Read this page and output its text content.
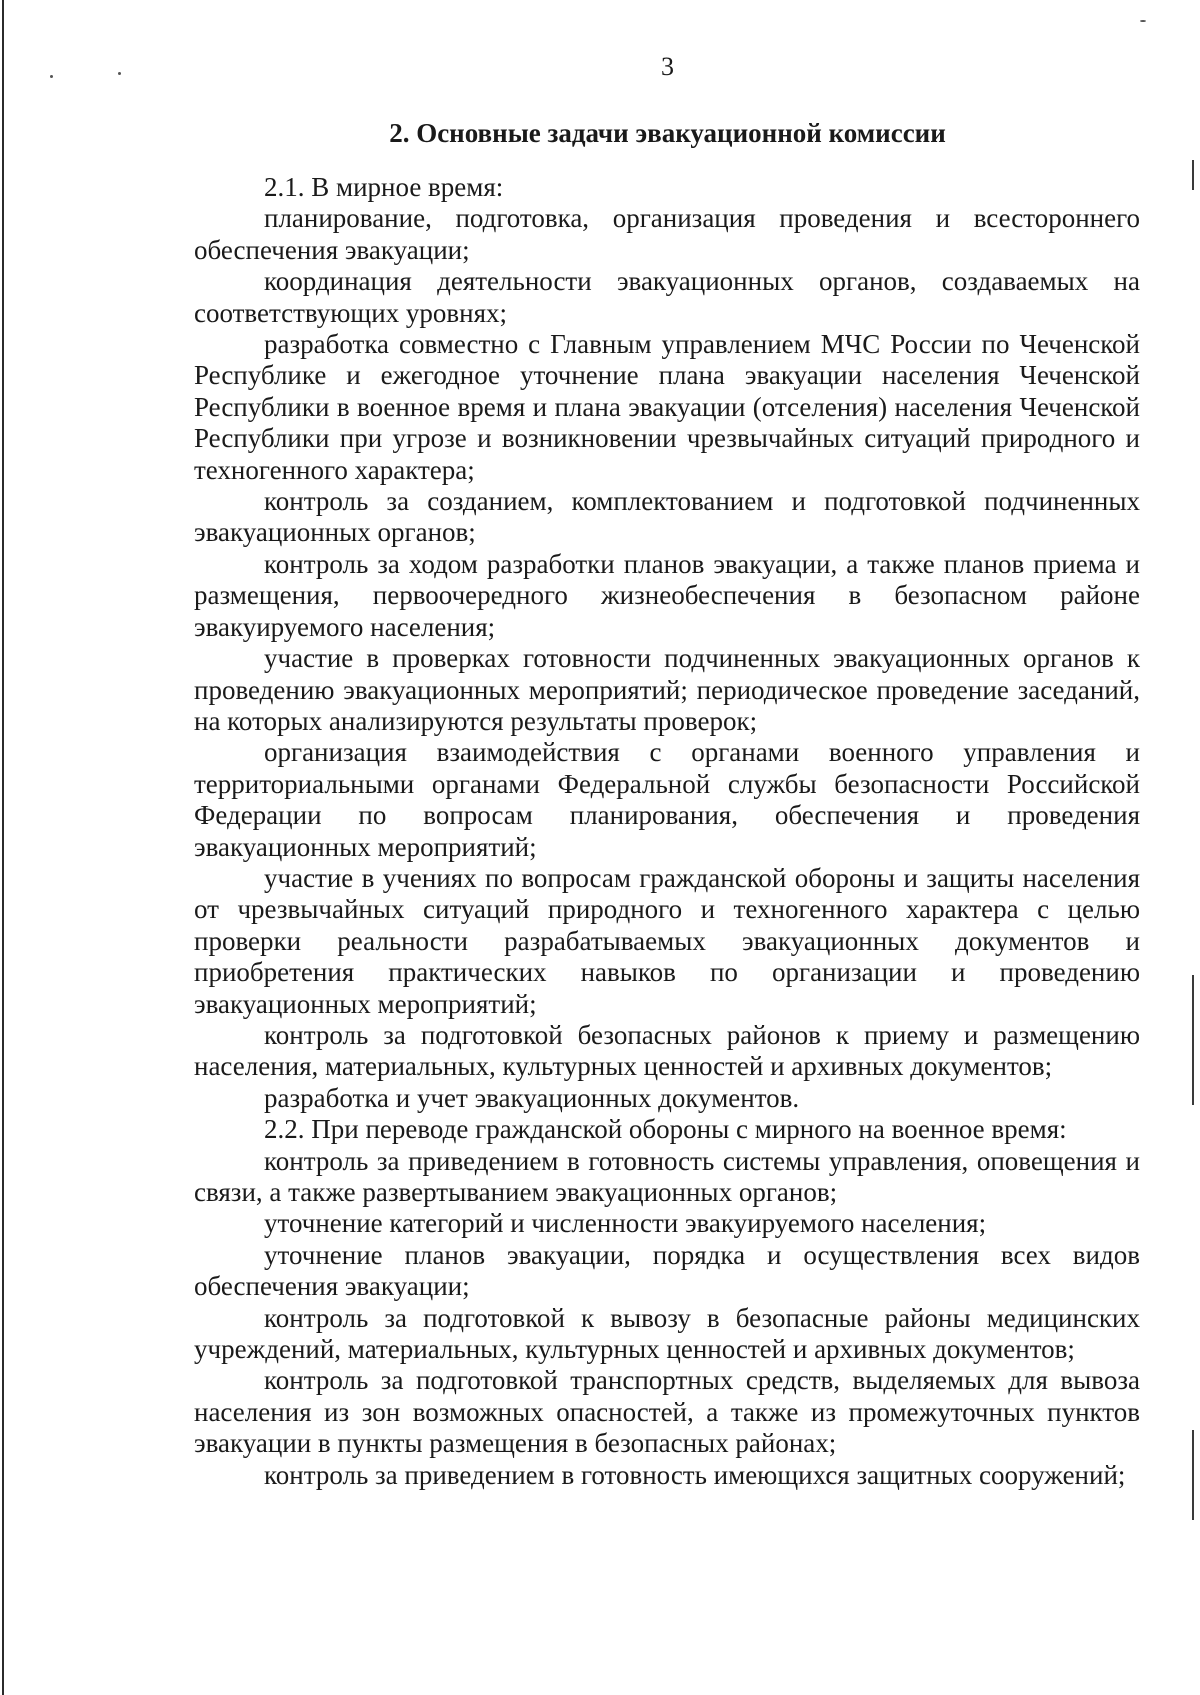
3
2. Основные задачи эвакуационной комиссии

2.1. В мирное время:

планирование, подготовка, организация проведения и всестороннего обеспечения эвакуации;

координация деятельности эвакуационных органов, создаваемых на соответствующих уровнях;

разработка совместно с Главным управлением МЧС России по Чеченской Республике и ежегодное уточнение плана эвакуации населения Чеченской Республики в военное время и плана эвакуации (отселения) населения Чеченской Республики при угрозе и возникновении чрезвычайных ситуаций природного и техногенного характера;

контроль за созданием, комплектованием и подготовкой подчиненных эвакуационных органов;

контроль за ходом разработки планов эвакуации, а также планов приема и размещения, первоочередного жизнеобеспечения в безопасном районе эвакуируемого населения;

участие в проверках готовности подчиненных эвакуационных органов к проведению эвакуационных мероприятий; периодическое проведение заседаний, на которых анализируются результаты проверок;

организация взаимодействия с органами военного управления и территориальными органами Федеральной службы безопасности Российской Федерации по вопросам планирования, обеспечения и проведения эвакуационных мероприятий;

участие в учениях по вопросам гражданской обороны и защиты населения от чрезвычайных ситуаций природного и техногенного характера с целью проверки реальности разрабатываемых эвакуационных документов и приобретения практических навыков по организации и проведению эвакуационных мероприятий;

контроль за подготовкой безопасных районов к приему и размещению населения, материальных, культурных ценностей и архивных документов;

разработка и учет эвакуационных документов.

2.2. При переводе гражданской обороны с мирного на военное время:

контроль за приведением в готовность системы управления, оповещения и связи, а также развертыванием эвакуационных органов;

уточнение категорий и численности эвакуируемого населения;

уточнение планов эвакуации, порядка и осуществления всех видов обеспечения эвакуации;

контроль за подготовкой к вывозу в безопасные районы медицинских учреждений, материальных, культурных ценностей и архивных документов;

контроль за подготовкой транспортных средств, выделяемых для вывоза населения из зон возможных опасностей, а также из промежуточных пунктов эвакуации в пункты размещения в безопасных районах;

контроль за приведением в готовность имеющихся защитных сооружений;
